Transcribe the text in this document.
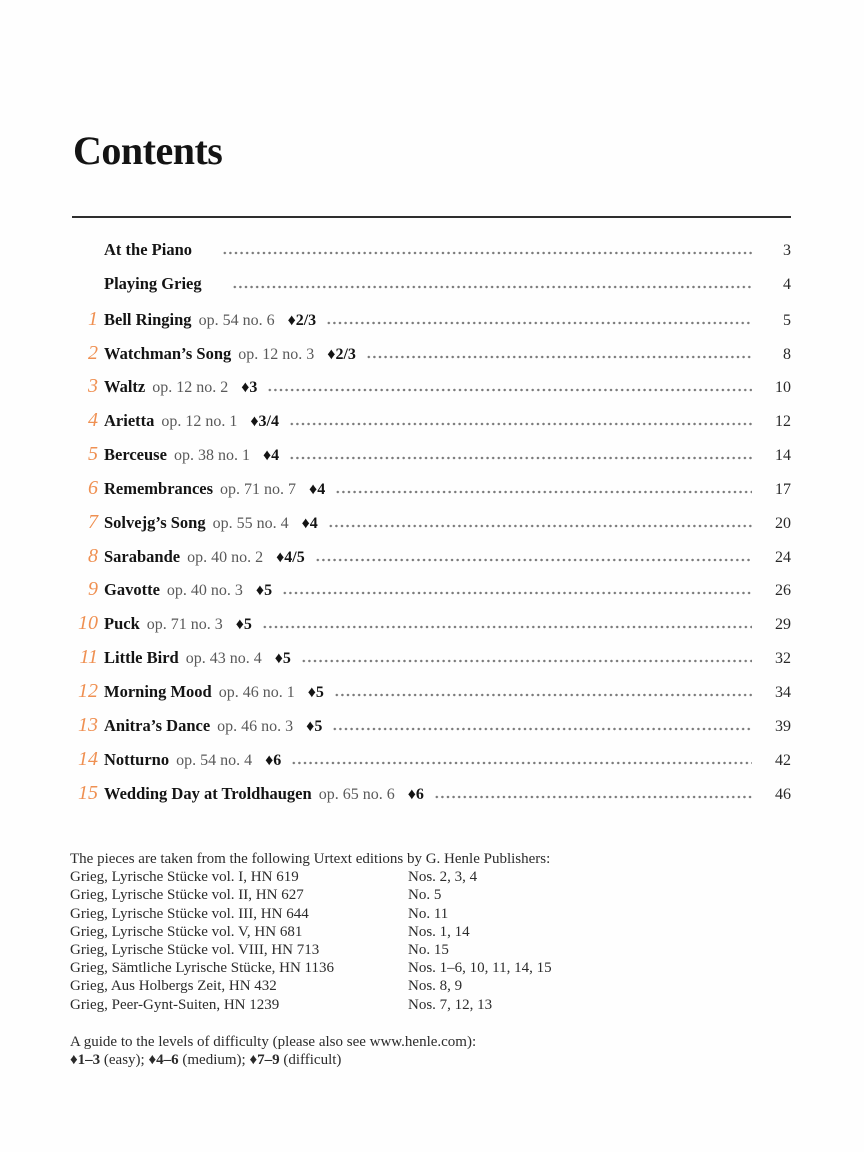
Contents
At the Piano	3
Playing Grieg	4
1 Bell Ringing op. 54 no. 6 ♦2/3	5
2 Watchman’s Song op. 12 no. 3 ♦2/3	8
3 Waltz op. 12 no. 2 ♦3	10
4 Arietta op. 12 no. 1 ♦3/4	12
5 Berceuse op. 38 no. 1 ♦4	14
6 Remembrances op. 71 no. 7 ♦4	17
7 Solvejg’s Song op. 55 no. 4 ♦4	20
8 Sarabande op. 40 no. 2 ♦4/5	24
9 Gavotte op. 40 no. 3 ♦5	26
10 Puck op. 71 no. 3 ♦5	29
11 Little Bird op. 43 no. 4 ♦5	32
12 Morning Mood op. 46 no. 1 ♦5	34
13 Anitra’s Dance op. 46 no. 3 ♦5	39
14 Notturno op. 54 no. 4 ♦6	42
15 Wedding Day at Troldhaugen op. 65 no. 6 ♦6	46
The pieces are taken from the following Urtext editions by G. Henle Publishers:
Grieg, Lyrische Stücke vol. I, HN 619	Nos. 2, 3, 4
Grieg, Lyrische Stücke vol. II, HN 627	No. 5
Grieg, Lyrische Stücke vol. III, HN 644	No. 11
Grieg, Lyrische Stücke vol. V, HN 681	Nos. 1, 14
Grieg, Lyrische Stücke vol. VIII, HN 713	No. 15
Grieg, Sämtliche Lyrische Stücke, HN 1136	Nos. 1–6, 10, 11, 14, 15
Grieg, Aus Holbergs Zeit, HN 432	Nos. 8, 9
Grieg, Peer-Gynt-Suiten, HN 1239	Nos. 7, 12, 13
A guide to the levels of difficulty (please also see www.henle.com):
♦1–3 (easy); ♦4–6 (medium); ♦7–9 (difficult)
